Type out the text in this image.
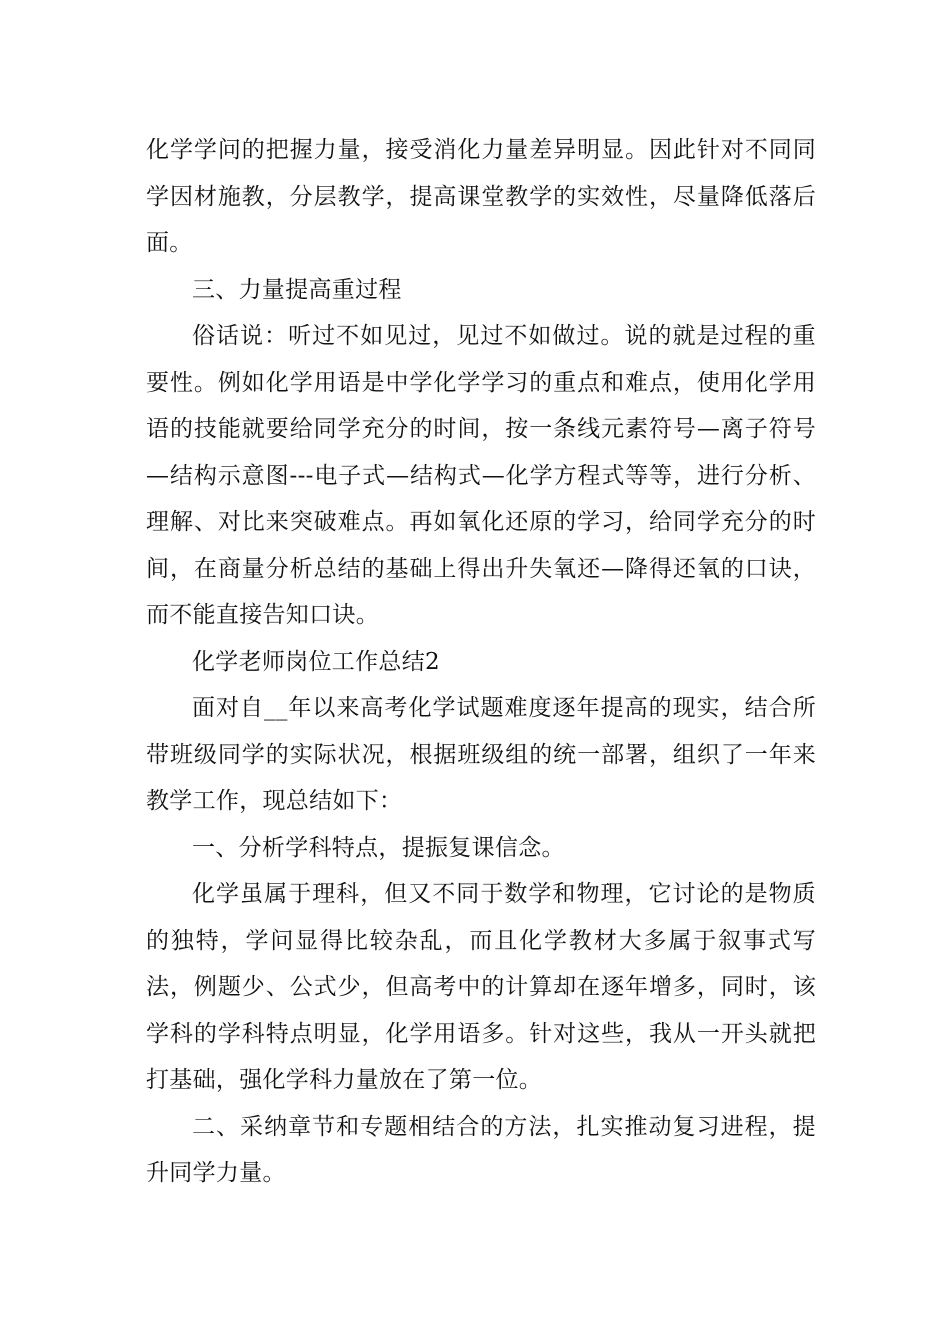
化学学问的把握力量，接受消化力量差异明显。因此针对不同同学因材施教，分层教学，提高课堂教学的实效性，尽量降低落后面。

三、力量提高重过程

俗话说：听过不如见过，见过不如做过。说的就是过程的重要性。例如化学用语是中学化学学习的重点和难点，使用化学用语的技能就要给同学充分的时间，按一条线元素符号—离子符号—结构示意图---电子式—结构式—化学方程式等等，进行分析、理解、对比来突破难点。再如氧化还原的学习，给同学充分的时间，在商量分析总结的基础上得出升失氧还—降得还氧的口诀，而不能直接告知口诀。

化学老师岗位工作总结2

面对自__年以来高考化学试题难度逐年提高的现实，结合所带班级同学的实际状况，根据班级组的统一部署，组织了一年来教学工作，现总结如下：

一、分析学科特点，提振复课信念。

化学虽属于理科，但又不同于数学和物理，它讨论的是物质的独特，学问显得比较杂乱，而且化学教材大多属于叙事式写法，例题少、公式少，但高考中的计算却在逐年增多，同时，该学科的学科特点明显，化学用语多。针对这些，我从一开头就把打基础，强化学科力量放在了第一位。

二、采纳章节和专题相结合的方法，扎实推动复习进程，提升同学力量。
